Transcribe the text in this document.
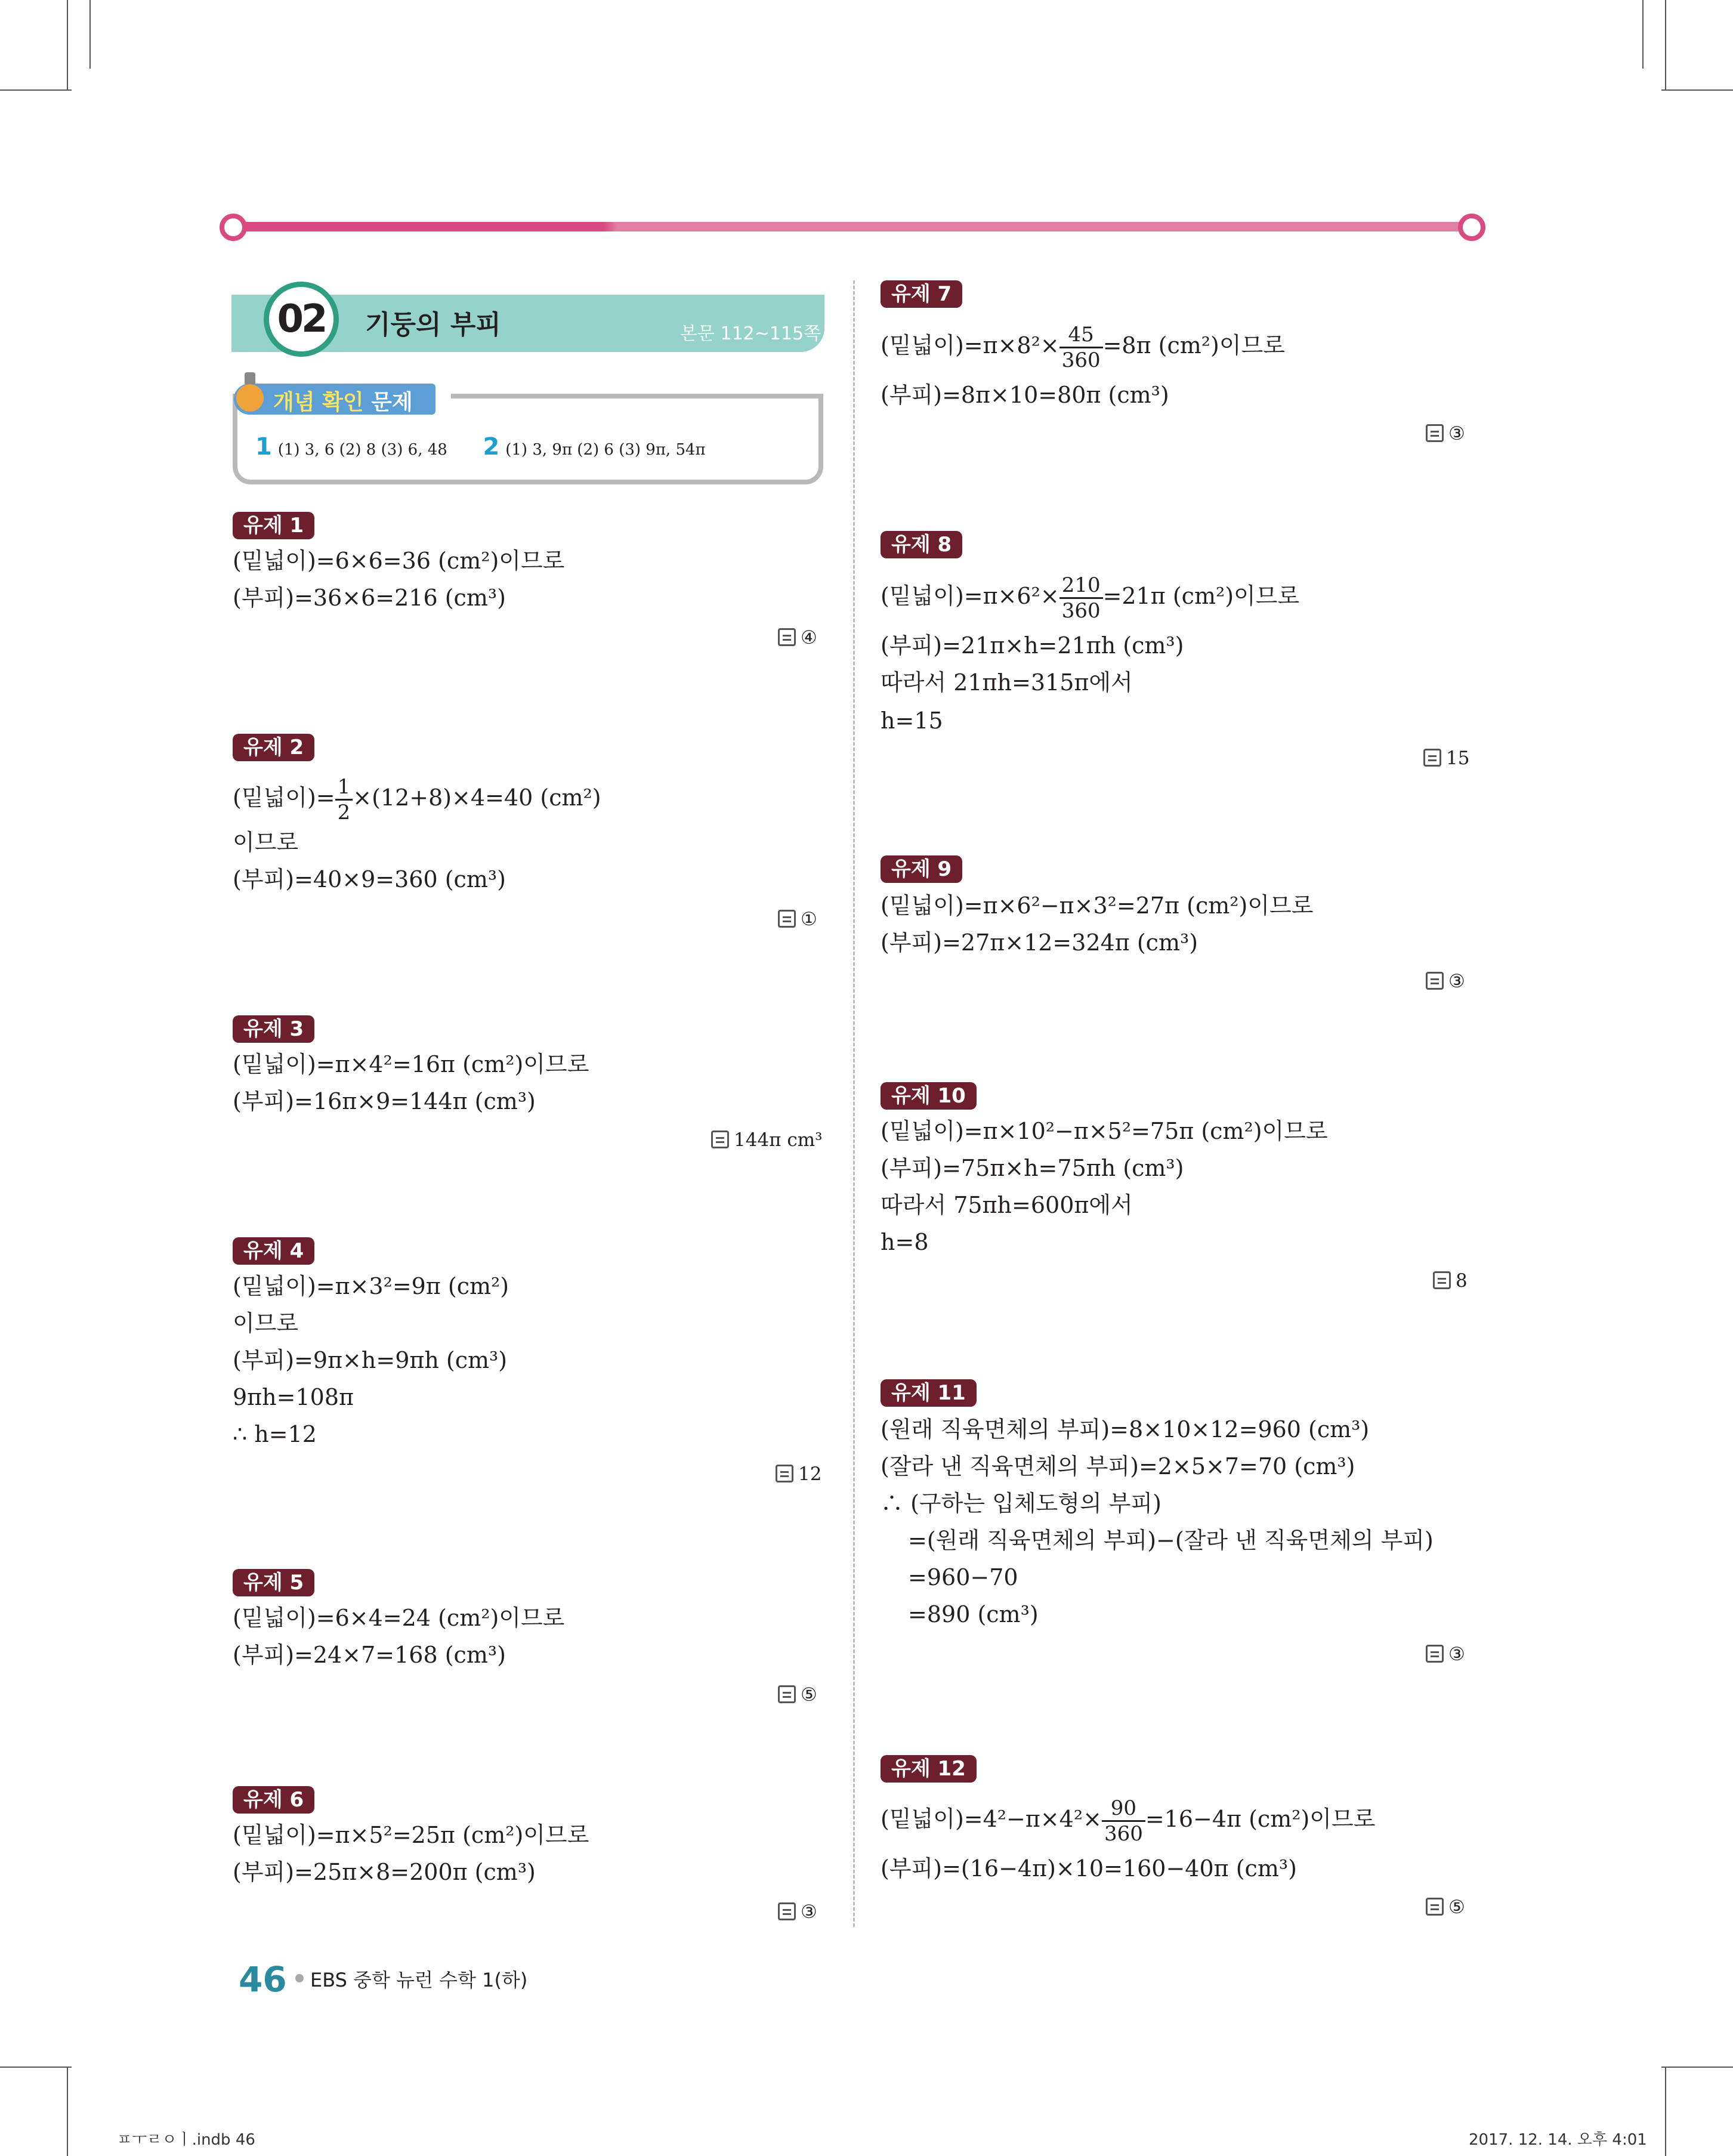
02	기둥의 부피	본문 112~115쪽
개념 확인 문제
1 (1) 3, 6 (2) 8 (3) 6, 48 2 (1) 3, 9π (2) 6 (3) 9π, 54π
유제 1
(밑넓이)=6×6=36 (cm²)이므로
(부피)=36×6=216 (cm³)
④
유제 2
(밑넓이)= $\frac{1}{2} \times(12+8)\times 4=40$ (cm²)
이므로
(부피)=40×9=360 (cm³)
①
유제 3
(밑넓이)=π×4²=16π (cm²)이므로
(부피)=16π×9=144π (cm³)
144π cm³
유제 4
(밑넓이)=π×3²=9π (cm²)
이므로
(부피)=9π×h=9πh (cm³)
9πh=108π
∴ h=12
12
유제 5
(밑넓이)=6×4=24 (cm²)이므로
(부피)=24×7=168 (cm³)
⑤
유제 6
(밑넓이)=π×5²=25π (cm²)이므로
(부피)=25π×8=200π (cm³)
③
유제 7
(밑넓이)$=\pi\times 8^2\times \frac{45}{360} =8\pi$ (cm²)이므로
(부피)=8π×10=80π (cm³)
③
유제 8
(밑넓이)$=\pi\times 6^2\times \frac{210}{360} =21\pi$ (cm²)이므로
(부피)=21π×h=21πh (cm³)
따라서 21πh=315π에서
h=15
15
유제 9
(밑넓이)=π×6²−π×3²=27π (cm²)이므로
(부피)=27π×12=324π (cm³)
③
유제 10
(밑넓이)=π×10²−π×5²=75π (cm²)이므로
(부피)=75π×h=75πh (cm³)
따라서 75πh=600π에서
h=8
8
유제 11
(원래 직육면체의 부피)=8×10×12=960 (cm³)
(잘라 낸 직육면체의 부피)=2×5×7=70 (cm³)
∴ (구하는 입체도형의 부피)
=(원래 직육면체의 부피)−(잘라 낸 직육면체의 부피)
=960−70
=890 (cm³)
③
유제 12
(밑넓이)$=4^2-\pi\times 4^2\times \frac{90}{360} =16-4\pi$ (cm²)이므로
(부피)=(16−4π)×10=160−40π (cm³)
⑤
46 EBS 중학 뉴런 수학 1(하)
ㅍㅜㄹㅇㅣ.indb 46	2017. 12. 14. 오후 4:01
